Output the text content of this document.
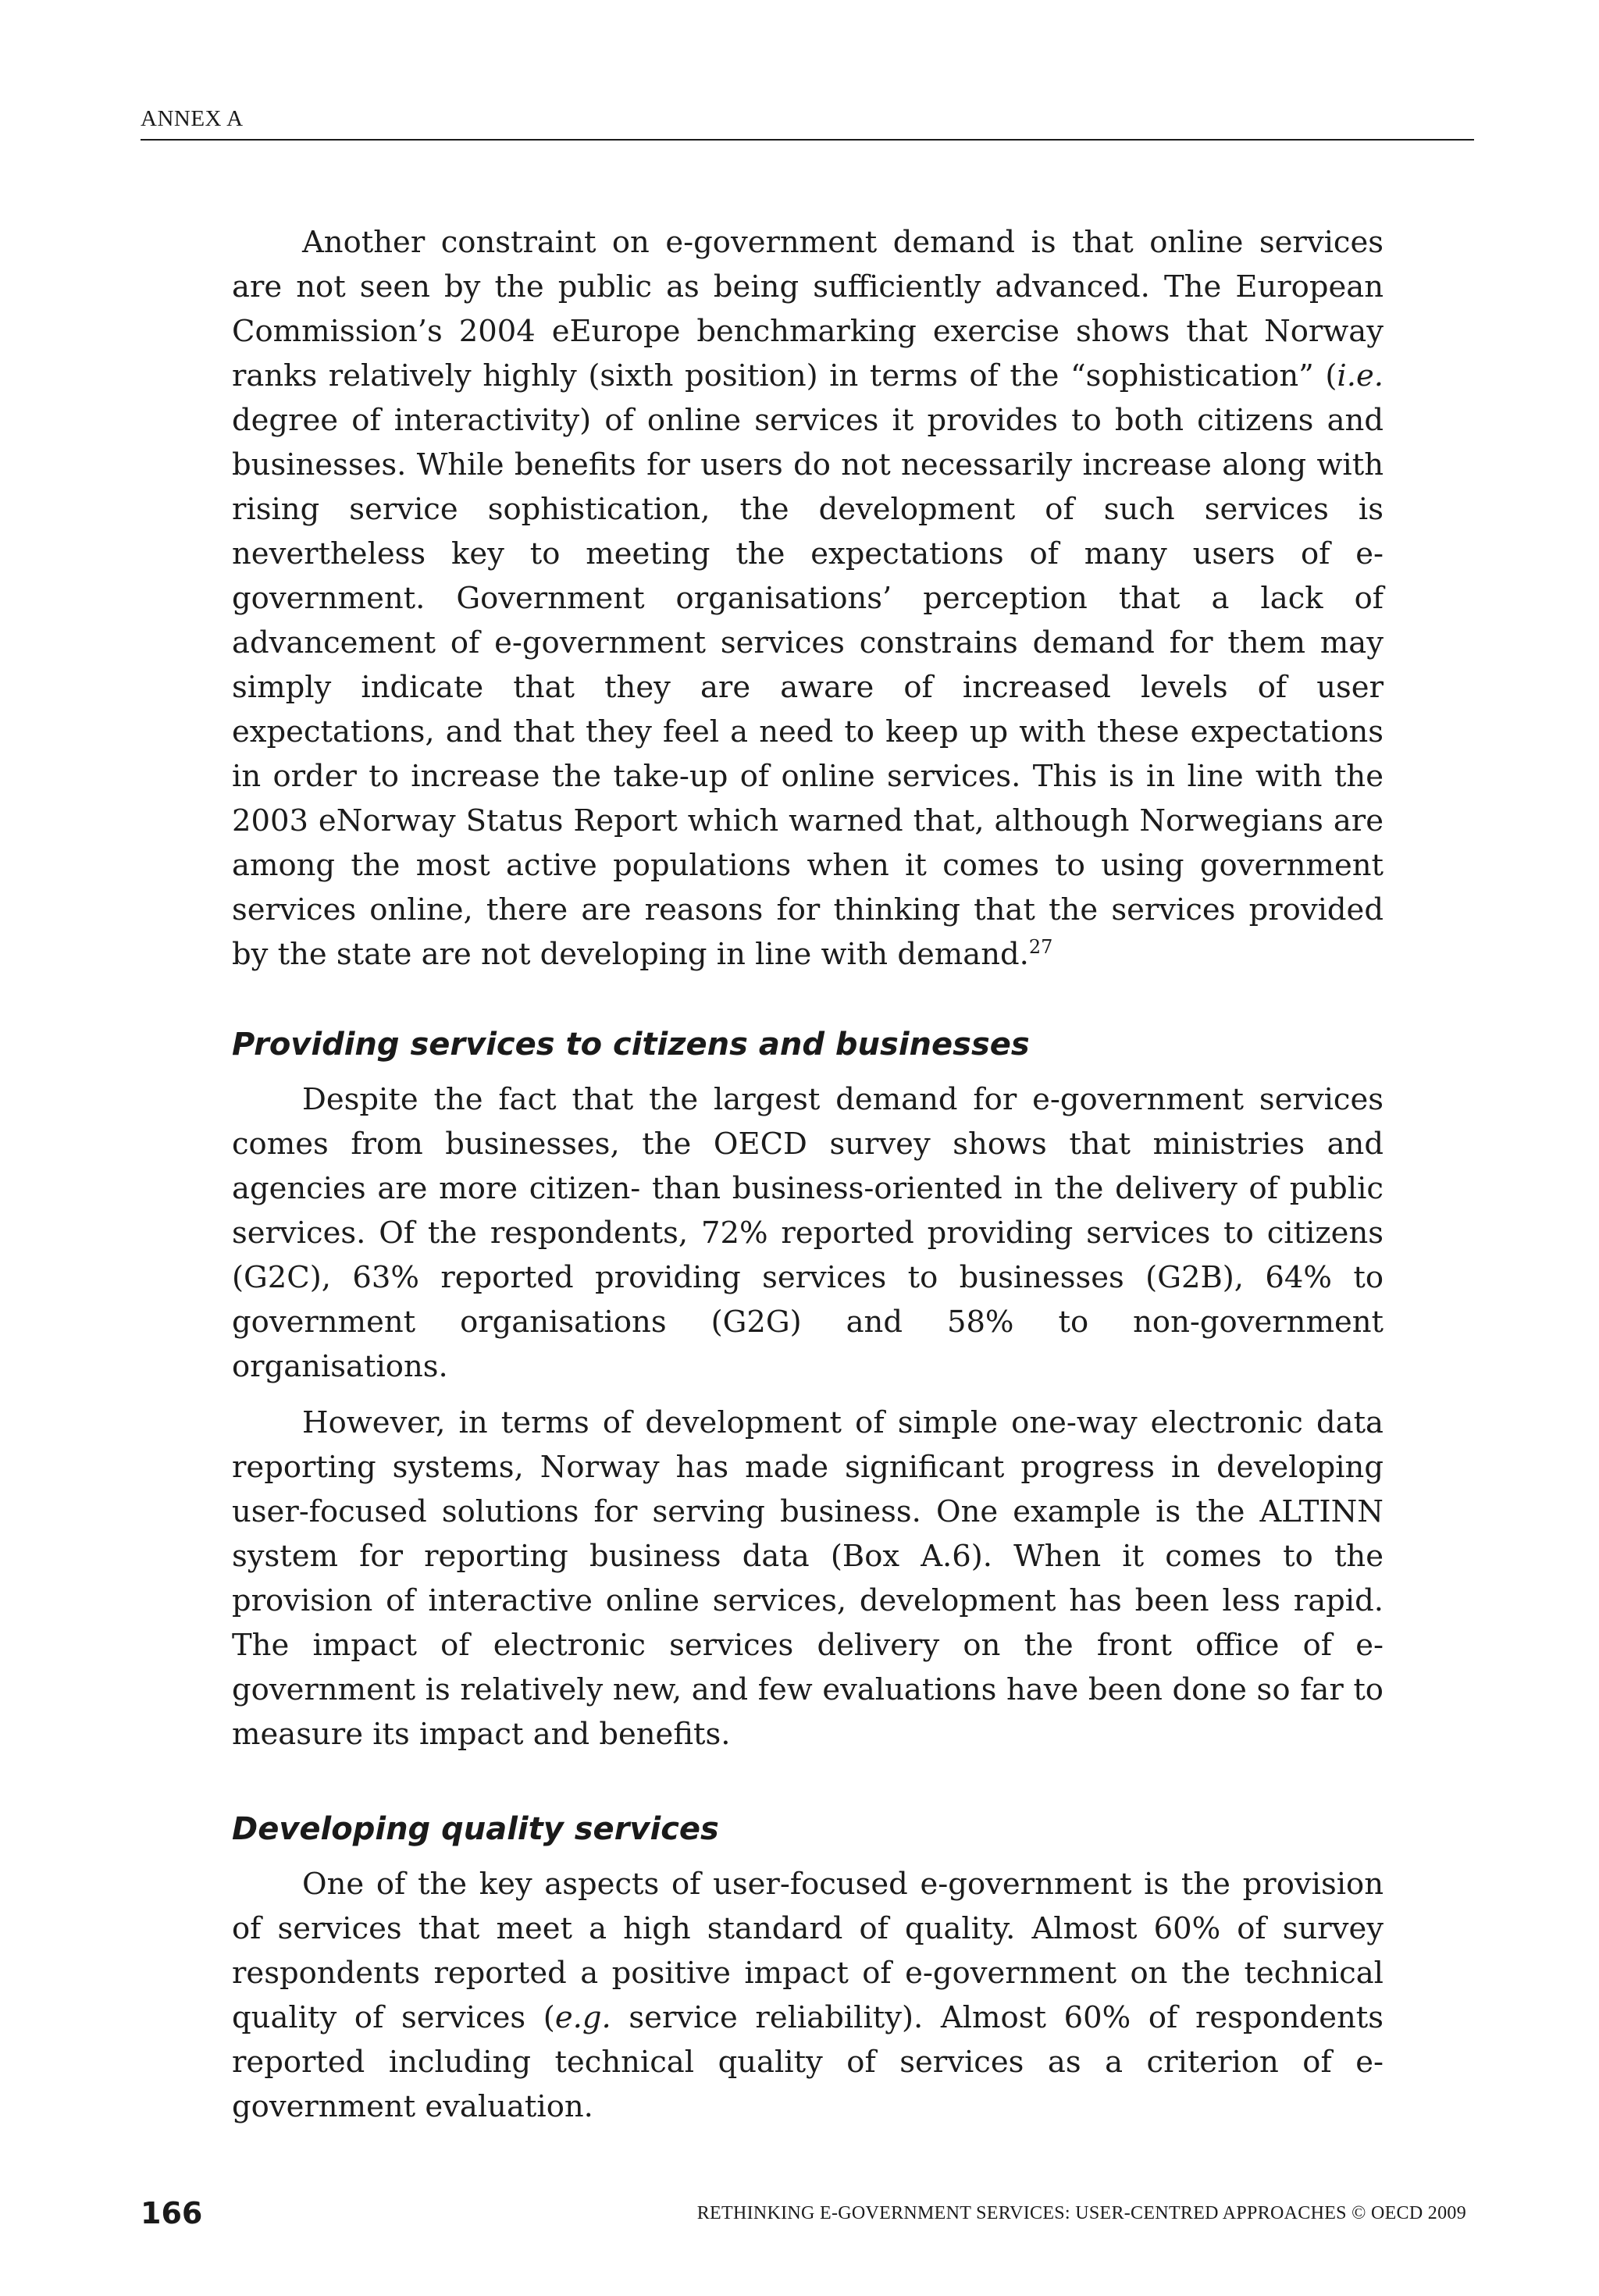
ANNEX A

Another constraint on e-government demand is that online services are not seen by the public as being sufficiently advanced. The European Commission’s 2004 eEurope benchmarking exercise shows that Norway ranks relatively highly (sixth position) in terms of the “sophistication” (i.e. degree of interactivity) of online services it provides to both citizens and businesses. While benefits for users do not necessarily increase along with rising service sophistication, the development of such services is nevertheless key to meeting the expectations of many users of e-government. Government organisations’ perception that a lack of advancement of e-government services constrains demand for them may simply indicate that they are aware of increased levels of user expectations, and that they feel a need to keep up with these expectations in order to increase the take-up of online services. This is in line with the 2003 eNorway Status Report which warned that, although Norwegians are among the most active populations when it comes to using government services online, there are reasons for thinking that the services provided by the state are not developing in line with demand.$^{27}$

Providing services to citizens and businesses

Despite the fact that the largest demand for e-government services comes from businesses, the OECD survey shows that ministries and agencies are more citizen- than business-oriented in the delivery of public services. Of the respondents, 72% reported providing services to citizens (G2C), 63% reported providing services to businesses (G2B), 64% to government organisations (G2G) and 58% to non-government organisations.

However, in terms of development of simple one-way electronic data reporting systems, Norway has made significant progress in developing user-focused solutions for serving business. One example is the ALTINN system for reporting business data (Box A.6). When it comes to the provision of interactive online services, development has been less rapid. The impact of electronic services delivery on the front office of e-government is relatively new, and few evaluations have been done so far to measure its impact and benefits.

Developing quality services

One of the key aspects of user-focused e-government is the provision of services that meet a high standard of quality. Almost 60% of survey respondents reported a positive impact of e-government on the technical quality of services (e.g. service reliability). Almost 60% of respondents reported including technical quality of services as a criterion of e-government evaluation.

166	RETHINKING E-GOVERNMENT SERVICES: USER-CENTRED APPROACHES © OECD 2009
